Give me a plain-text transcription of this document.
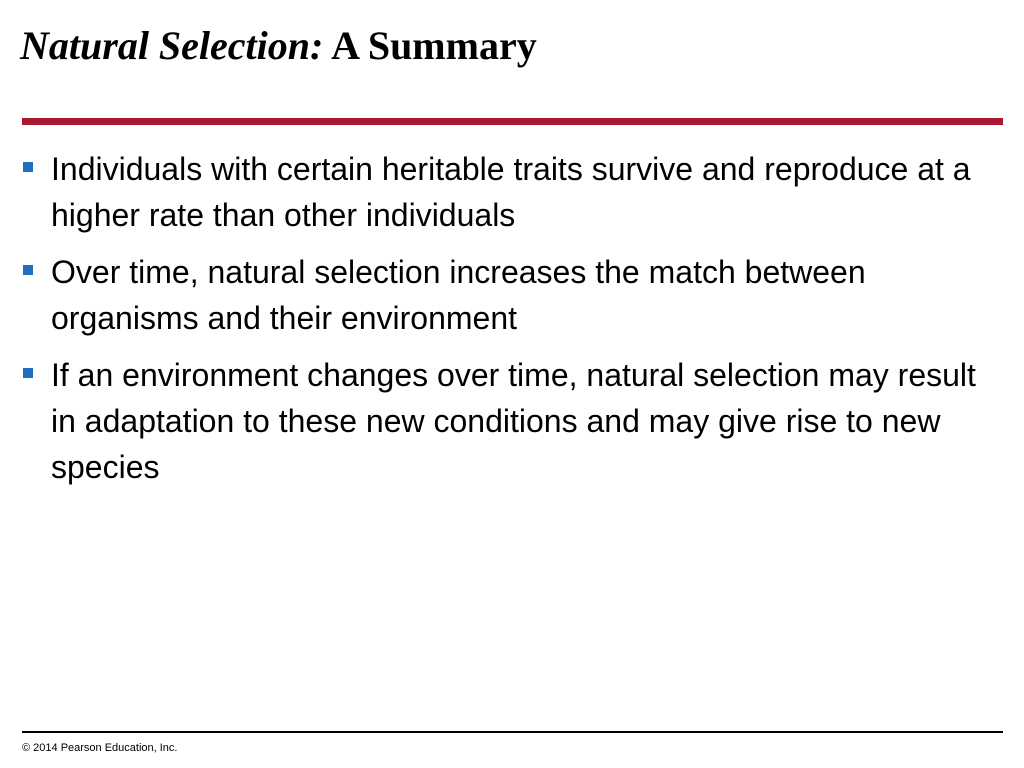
Natural Selection: A Summary
Individuals with certain heritable traits survive and reproduce at a higher rate than other individuals
Over time, natural selection increases the match between organisms and their environment
If an environment changes over time, natural selection may result in adaptation to these new conditions and may give rise to new species
© 2014 Pearson Education, Inc.
